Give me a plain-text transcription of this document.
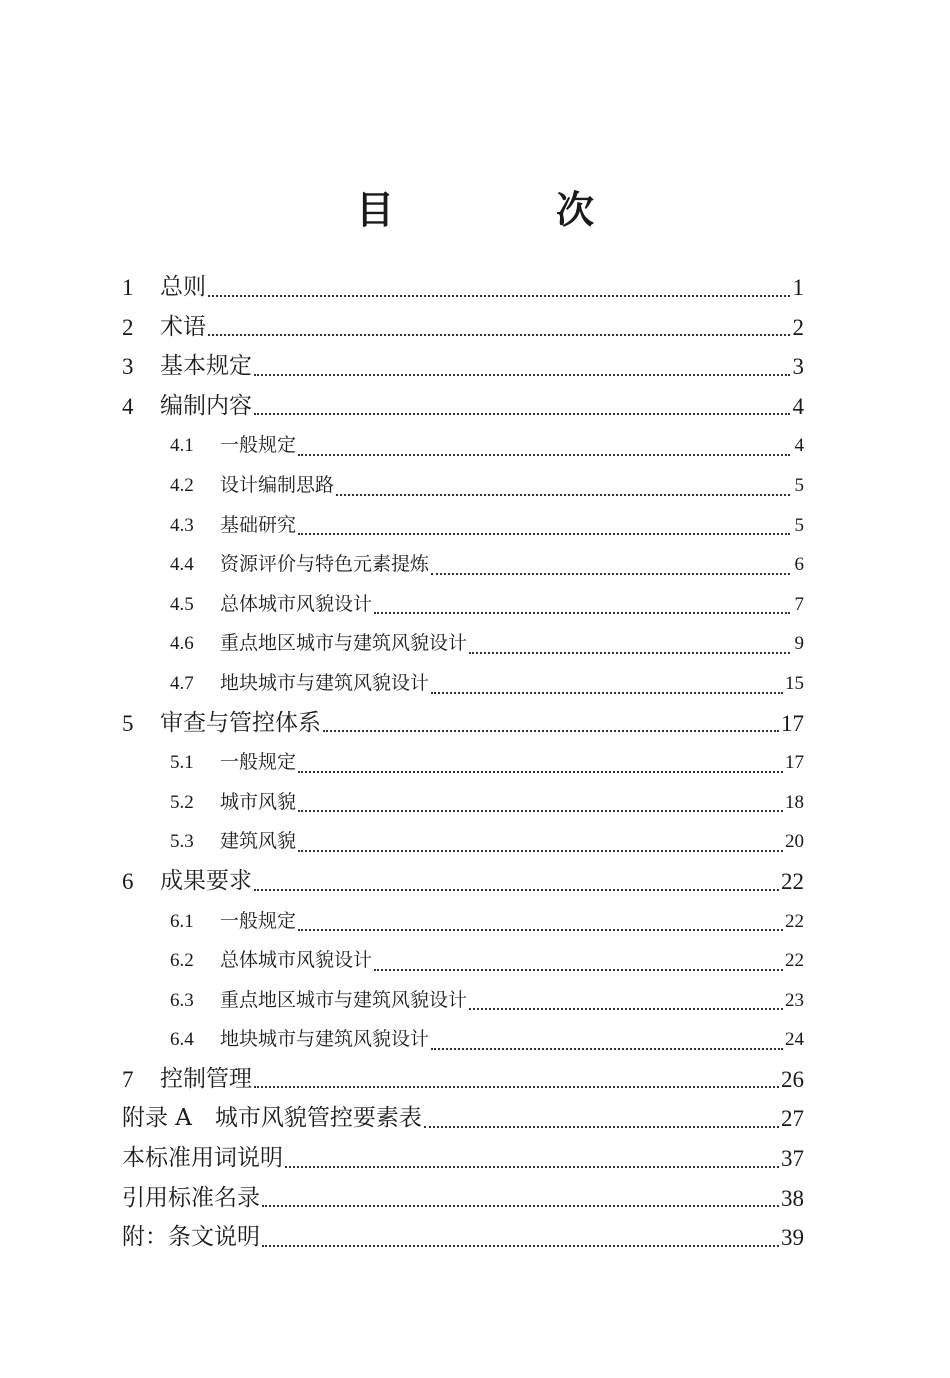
目　次
1	总则	1
2	术语	2
3	基本规定	3
4	编制内容	4
4.1	一般规定	4
4.2	设计编制思路	5
4.3	基础研究	5
4.4	资源评价与特色元素提炼	6
4.5	总体城市风貌设计	7
4.6	重点地区城市与建筑风貌设计	9
4.7	地块城市与建筑风貌设计	15
5	审查与管控体系	17
5.1	一般规定	17
5.2	城市风貌	18
5.3	建筑风貌	20
6	成果要求	22
6.1	一般规定	22
6.2	总体城市风貌设计	22
6.3	重点地区城市与建筑风貌设计	23
6.4	地块城市与建筑风貌设计	24
7	控制管理	26
附录 A　城市风貌管控要素表	27
本标准用词说明	37
引用标准名录	38
附：条文说明	39
